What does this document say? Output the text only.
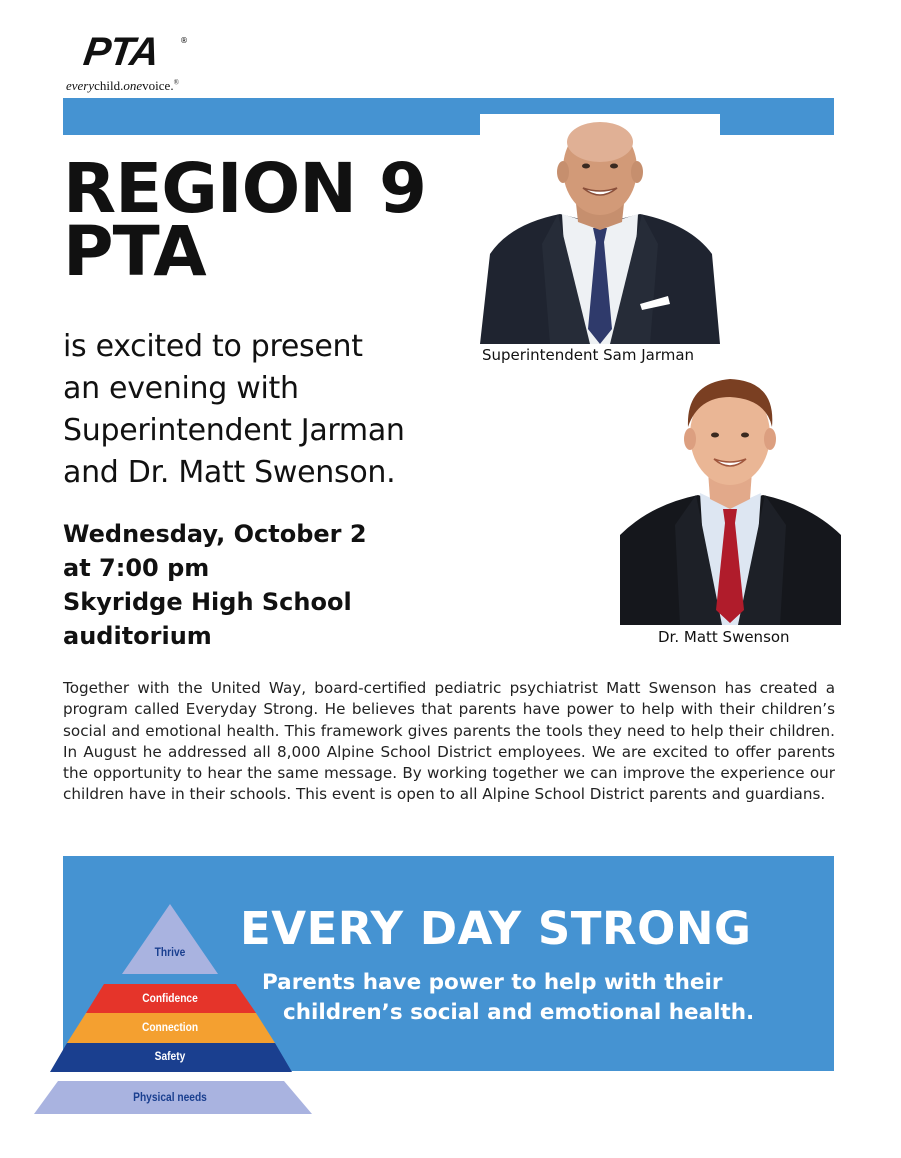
PTA ®
everychild.onevoice.®
REGION 9
PTA
is excited to present
an evening with
Superintendent Jarman
and Dr. Matt Swenson.
Wednesday, October 2
at 7:00 pm
Skyridge High School
auditorium
Superintendent Sam Jarman
Dr. Matt Swenson
Together with the United Way, board-certified pediatric psychiatrist Matt Swenson has created a program called Everyday Strong. He believes that parents have power to help with their children’s social and emotional health. This framework gives parents the tools they need to help their children. In August he addressed all 8,000 Alpine School District employees. We are excited to offer parents the opportunity to hear the same message. By working together we can improve the experience our children have in their schools. This event is open to all Alpine School District parents and guardians.
EVERY DAY STRONG
Parents have power to help with their
children’s social and emotional health.
Thrive
Confidence
Connection
Safety
Physical needs
